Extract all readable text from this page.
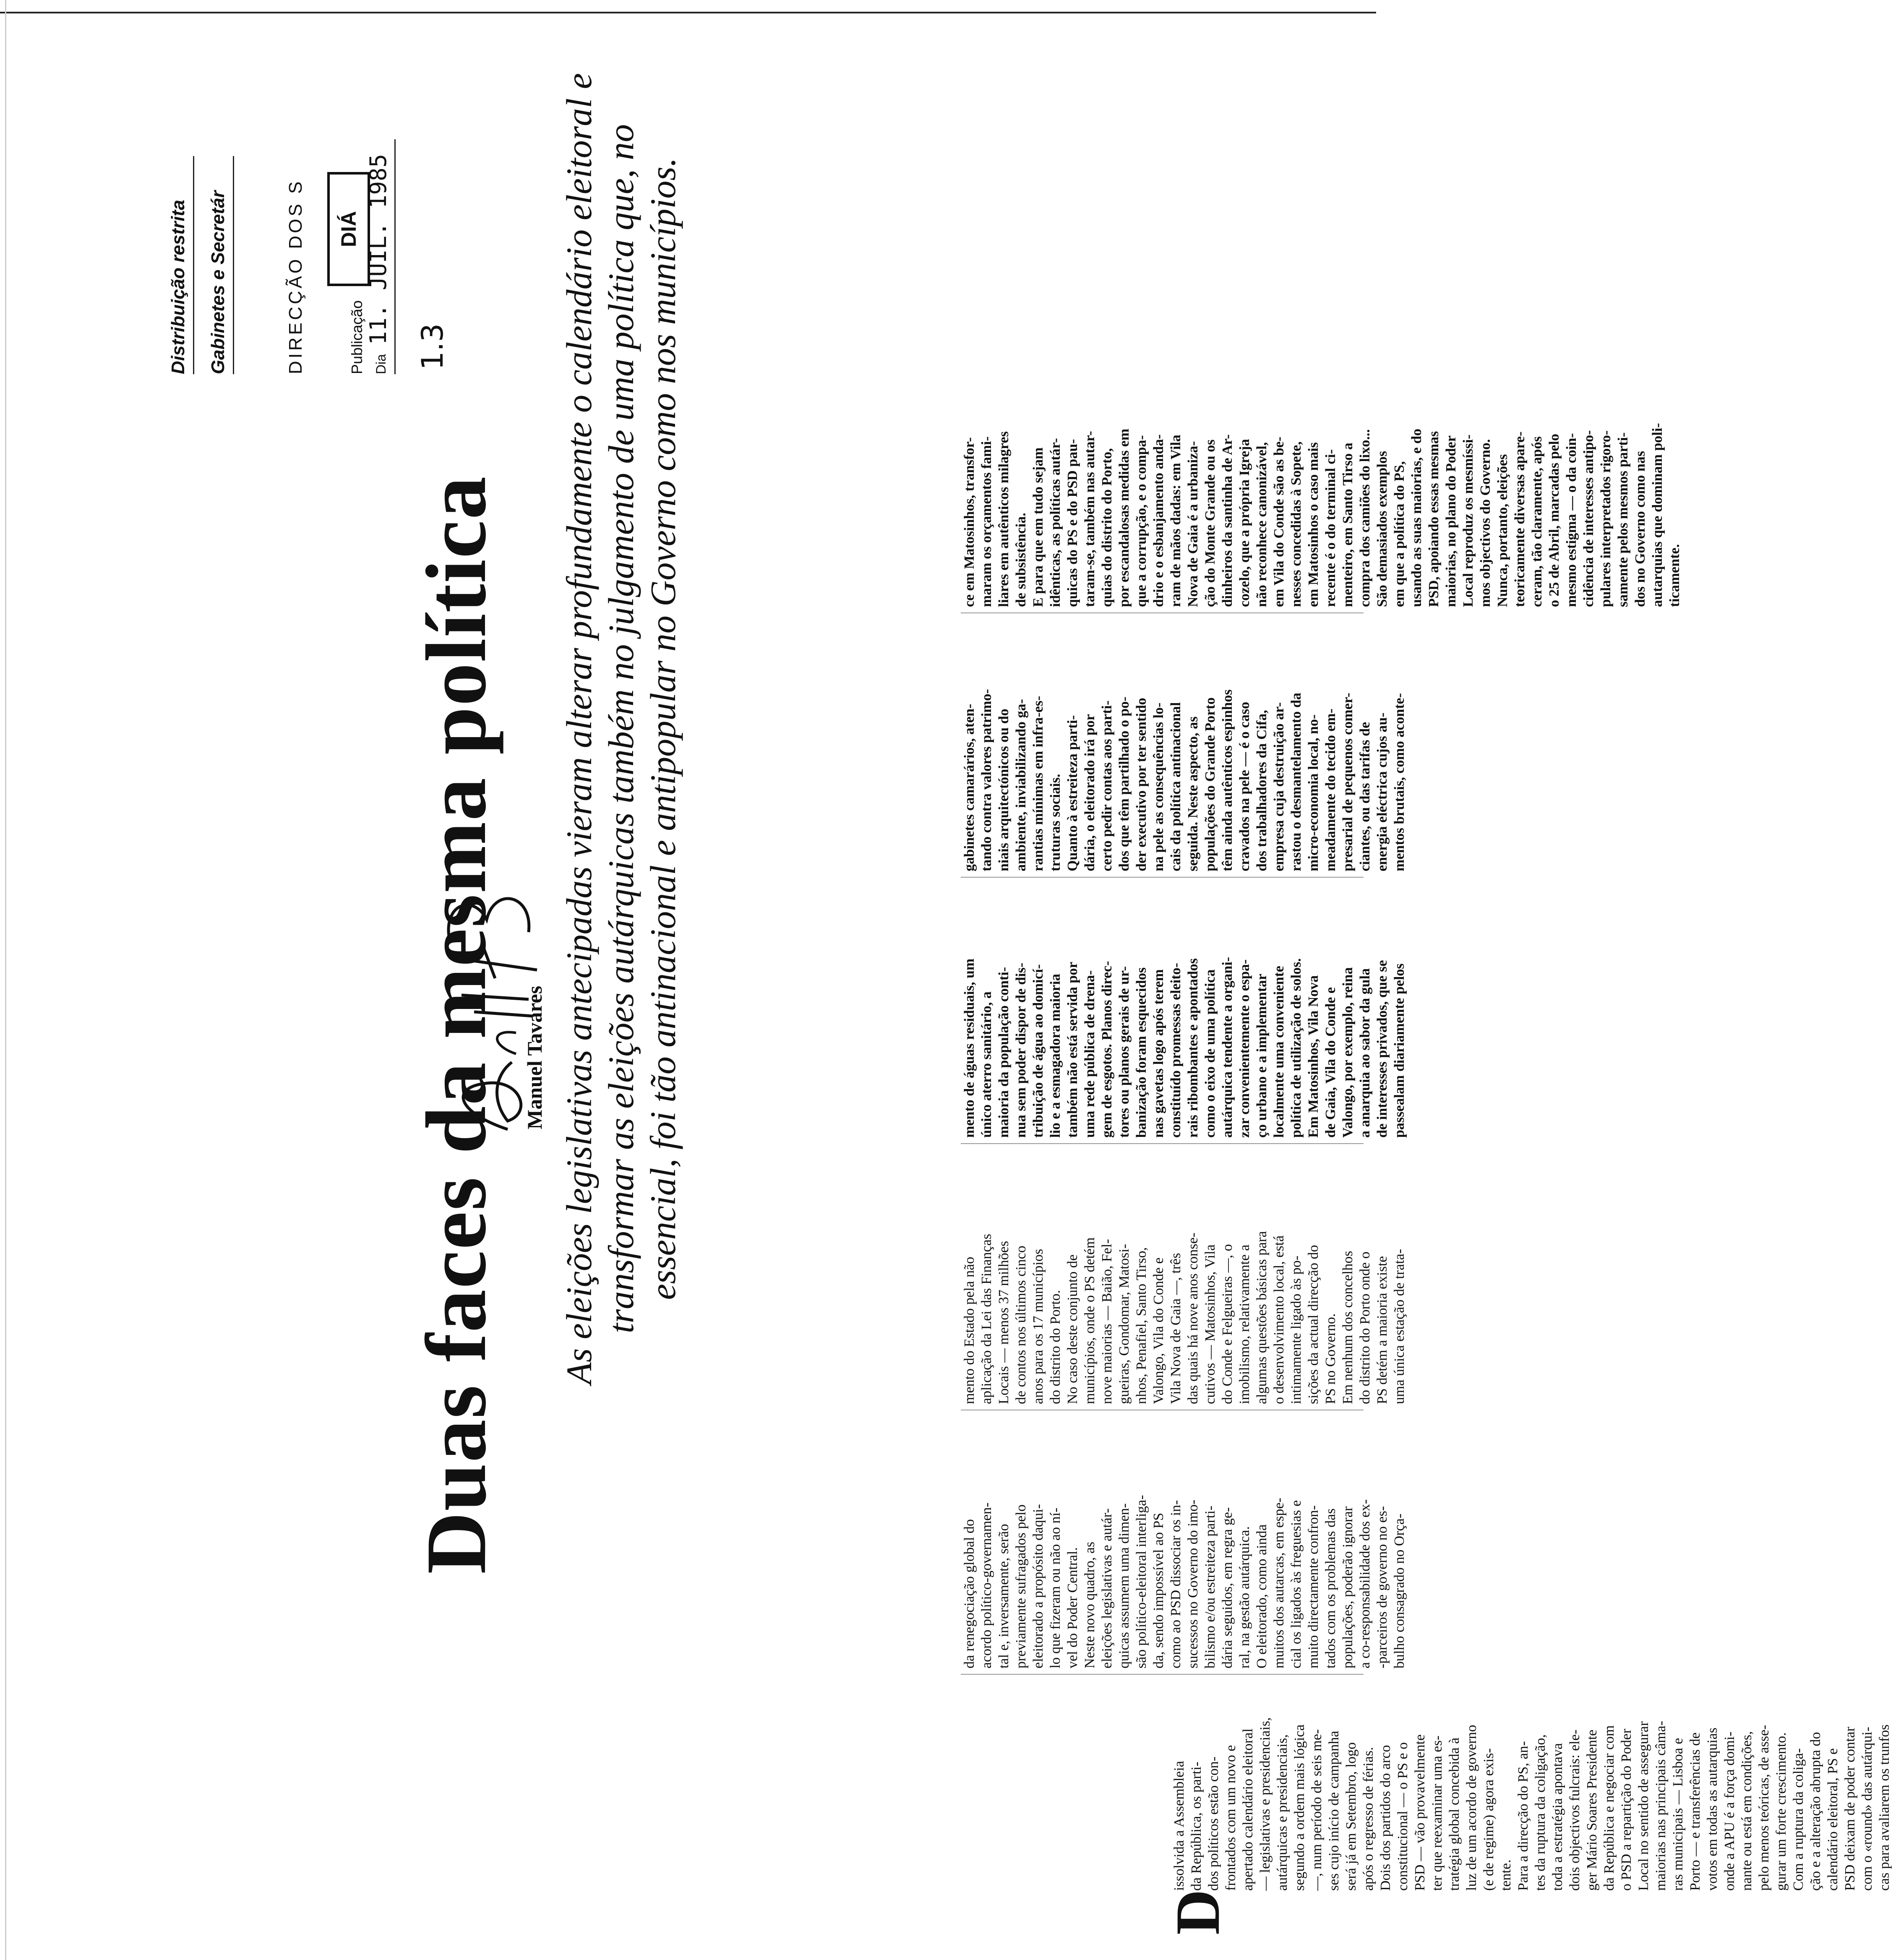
Distribuição restrita Gabinetes e Secretár	DIRECÇÃO DOS S	DIÁ
Publicação Dia
11. JUIL. 1985
1.3
Duas faces da mesma política Manuel Tavares As eleições legislativas antecipadas vieram alterar profundamente o calendário eleitoral e transformar as eleições autárquicas também no julgamento de uma política que, no essencial, foi tão antinacional e antipopular no Governo como nos municípios.
D
issolvida a Assembleia
da República, os parti-
dos políticos estão con-
frontados com um novo e
apertado calendário eleitoral
— legislativas e presidenciais,
autárquicas e presidenciais,
segundo a ordem mais lógica
—, num período de seis me-
ses cujo início de campanha
será já em Setembro, logo
após o regresso de férias.
Dois dos partidos do arco
constitucional — o PS e o
PSD — vão provavelmente
ter que reexaminar uma es-
tratégia global concebida à
luz de um acordo de governo
(e de regime) agora exis-
tente.
Para a direcção do PS, an-
tes da ruptura da coligação,
toda a estratégia apontava
dois objectivos fulcrais: ele-
ger Mário Soares Presidente
da República e negociar com
o PSD a repartição do Poder
Local no sentido de assegurar
maiorias nas principais câma-
ras municipais — Lisboa e
Porto — e transferências de
votos em todas as autarquias
onde a APU é a força domi-
nante ou está em condições,
pelo menos teóricas, de asse-
gurar um forte crescimento.
Com a ruptura da coliga-
ção e a alteração abrupta do
calendário eleitoral, PS e
PSD deixam de poder contar
com o «round» das autárqui-
cas para avaliarem os trunfos
da renegociação global do
acordo político-governamen-
tal e, inversamente, serão
previamente sufragados pelo
eleitorado a propósito daqui-
lo que fizeram ou não ao ní-
vel do Poder Central.
Neste novo quadro, as
eleições legislativas e autár-
quicas assumem uma dimen-
são político-eleitoral interliga-
da, sendo impossível ao PS
como ao PSD dissociar os in-
sucessos no Governo do imo-
bilismo e/ou estreiteza parti-
dária seguidos, em regra ge-
ral, na gestão autárquica.
O eleitorado, como ainda
muitos dos autarcas, em espe-
cial os ligados às freguesias e
muito directamente confron-
tados com os problemas das
populações, poderão ignorar
a co-responsabilidade dos ex-
-parceiros de governo no es-
bulho consagrado no Orça-
mento do Estado pela não
aplicação da Lei das Finanças
Locais — menos 37 milhões
de contos nos últimos cinco
anos para os 17 municípios
do distrito do Porto.
No caso deste conjunto de
municípios, onde o PS detém
nove maiorias — Baião, Fel-
gueiras, Gondomar, Matosi-
nhos, Penafiel, Santo Tirso,
Valongo, Vila do Conde e
Vila Nova de Gaia —, três
das quais há nove anos conse-
cutivos — Matosinhos, Vila
do Conde e Felgueiras —, o
imobilismo, relativamente a
algumas questões básicas para
o desenvolvimento local, está
intimamente ligado às po-
sições da actual direcção do
PS no Governo.
Em nenhum dos concelhos
do distrito do Porto onde o
PS detém a maioria existe
uma única estação de trata-
mento de águas residuais, um
único aterro sanitário, a
maioria da população conti-
nua sem poder dispor de dis-
tribuição de água ao domicí-
lio e a esmagadora maioria
também não está servida por
uma rede pública de drena-
gem de esgotos. Planos direc-
tores ou planos gerais de ur-
banização foram esquecidos
nas gavetas logo após terem
constituído promessas eleito-
rais ribombantes e apontados
como o eixo de uma política
autárquica tendente a organi-
zar convenientemente o espa-
ço urbano e a implementar
localmente uma conveniente
política de utilização de solos.
Em Matosinhos, Vila Nova
de Gaia, Vila do Conde e
Valongo, por exemplo, reina
a anarquia ao sabor da gula
de interesses privados, que se
passealam diariamente pelos
gabinetes camarários, aten-
tando contra valores patrimo-
niais arquitectónicos ou do
ambiente, inviabilizando ga-
rantias mínimas em infra-es-
truturas sociais.
Quanto à estreiteza parti-
dária, o eleitorado irá por
certo pedir contas aos parti-
dos que têm partilhado o po-
der executivo por ter sentido
na pele as consequências lo-
cais da política antinacional
seguida. Neste aspecto, as
populações do Grande Porto
têm ainda autênticos espinhos
cravados na pele — é o caso
dos trabalhadores da Cifa,
empresa cuja destruição ar-
rastou o desmantelamento da
micro-economia local, no-
meadamente do tecido em-
presarial de pequenos comer-
ciantes, ou das tarifas de
energia eléctrica cujos au-
mentos brutais, como aconte-
ce em Matosinhos, transfor-
maram os orçamentos fami-
liares em autênticos milagres
de subsistência.
E para que em tudo sejam
idênticas, as políticas autár-
quicas do PS e do PSD pau-
taram-se, também nas autar-
quias do distrito do Porto,
por escandalosas medidas em
que a corrupção, e o compa-
drio e o esbanjamento anda-
ram de mãos dadas: em Vila
Nova de Gaia é a urbaniza-
ção do Monte Grande ou os
dinheiros da santinha de Ar-
cozelo, que a própria Igreja
não reconhece canonizável,
em Vila do Conde são as be-
nesses concedidas à Sopete,
em Matosinhos o caso mais
recente é o do terminal ci-
menteiro, em Santo Tirso a
compra dos camiões do lixo...
São demasiados exemplos
em que a política do PS,
usando as suas maiorias, e do
PSD, apoiando essas mesmas
maiorias, no plano do Poder
Local reproduz os mesmíssi-
mos objectivos do Governo.
Nunca, portanto, eleições
teoricamente diversas apare-
ceram, tão claramente, após
o 25 de Abril, marcadas pelo
mesmo estigma — o da coin-
cidência de interesses antipo-
pulares interpretados rigoro-
samente pelos mesmos parti-
dos no Governo como nas
autarquias que dominam poli-
ticamente.
